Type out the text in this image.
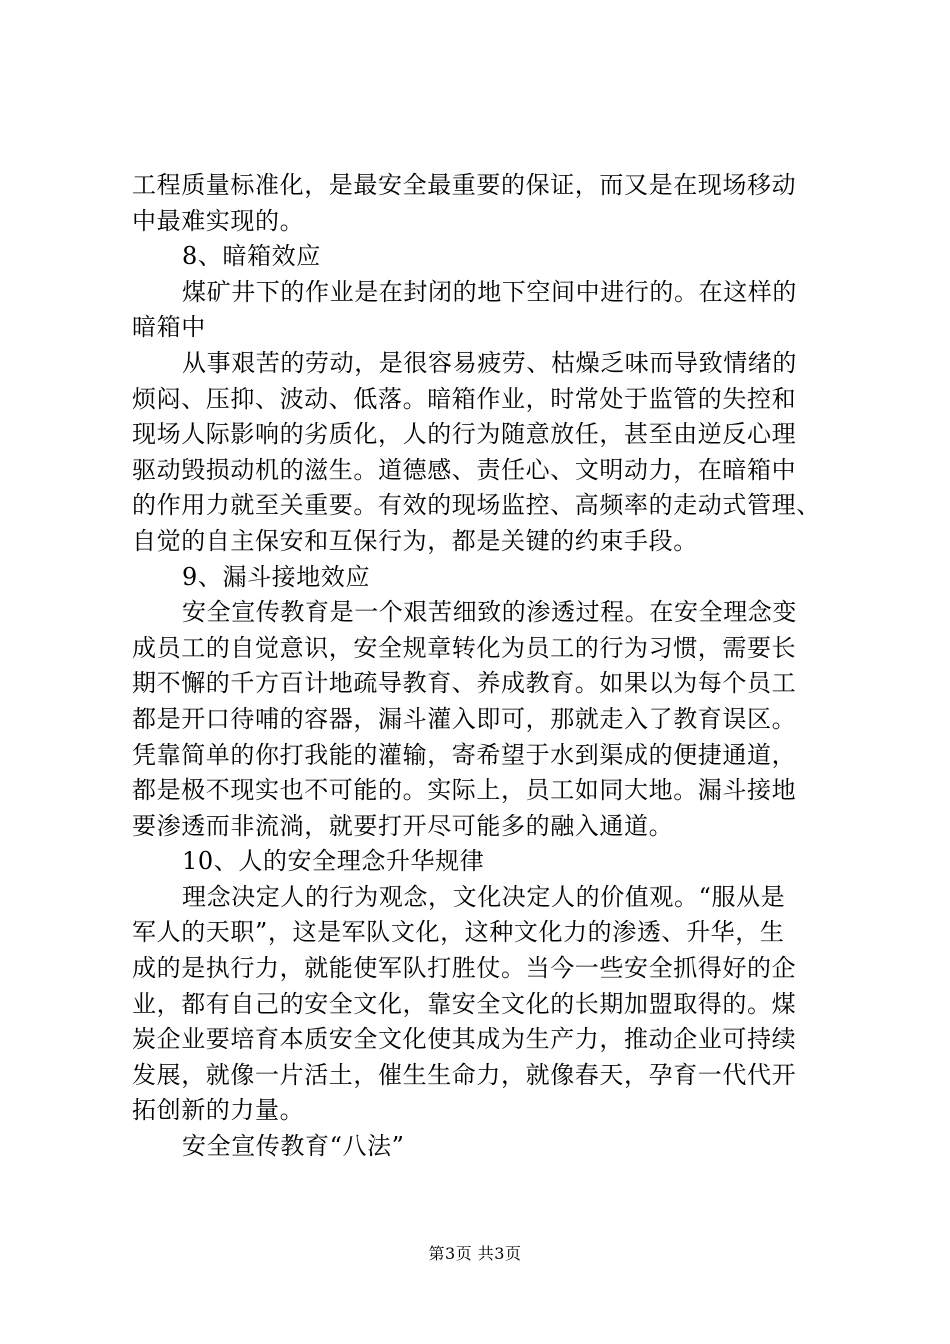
工程质量标准化，是最安全最重要的保证，而又是在现场移动
中最难实现的。
8、暗箱效应
煤矿井下的作业是在封闭的地下空间中进行的。在这样的
暗箱中
从事艰苦的劳动，是很容易疲劳、枯燥乏味而导致情绪的
烦闷、压抑、波动、低落。暗箱作业，时常处于监管的失控和
现场人际影响的劣质化，人的行为随意放任，甚至由逆反心理
驱动毁损动机的滋生。道德感、责任心、文明动力，在暗箱中
的作用力就至关重要。有效的现场监控、高频率的走动式管理、
自觉的自主保安和互保行为，都是关键的约束手段。
9、漏斗接地效应
安全宣传教育是一个艰苦细致的渗透过程。在安全理念变
成员工的自觉意识，安全规章转化为员工的行为习惯，需要长
期不懈的千方百计地疏导教育、养成教育。如果以为每个员工
都是开口待哺的容器，漏斗灌入即可，那就走入了教育误区。
凭靠简单的你打我能的灌输，寄希望于水到渠成的便捷通道，
都是极不现实也不可能的。实际上，员工如同大地。漏斗接地
要渗透而非流淌，就要打开尽可能多的融入通道。
10、人的安全理念升华规律
理念决定人的行为观念，文化决定人的价值观。“服从是
军人的天职”，这是军队文化，这种文化力的渗透、升华，生
成的是执行力，就能使军队打胜仗。当今一些安全抓得好的企
业，都有自己的安全文化，靠安全文化的长期加盟取得的。煤
炭企业要培育本质安全文化使其成为生产力，推动企业可持续
发展，就像一片活土，催生生命力，就像春天，孕育一代代开
拓创新的力量。
安全宣传教育“八法”
第3页 共3页
